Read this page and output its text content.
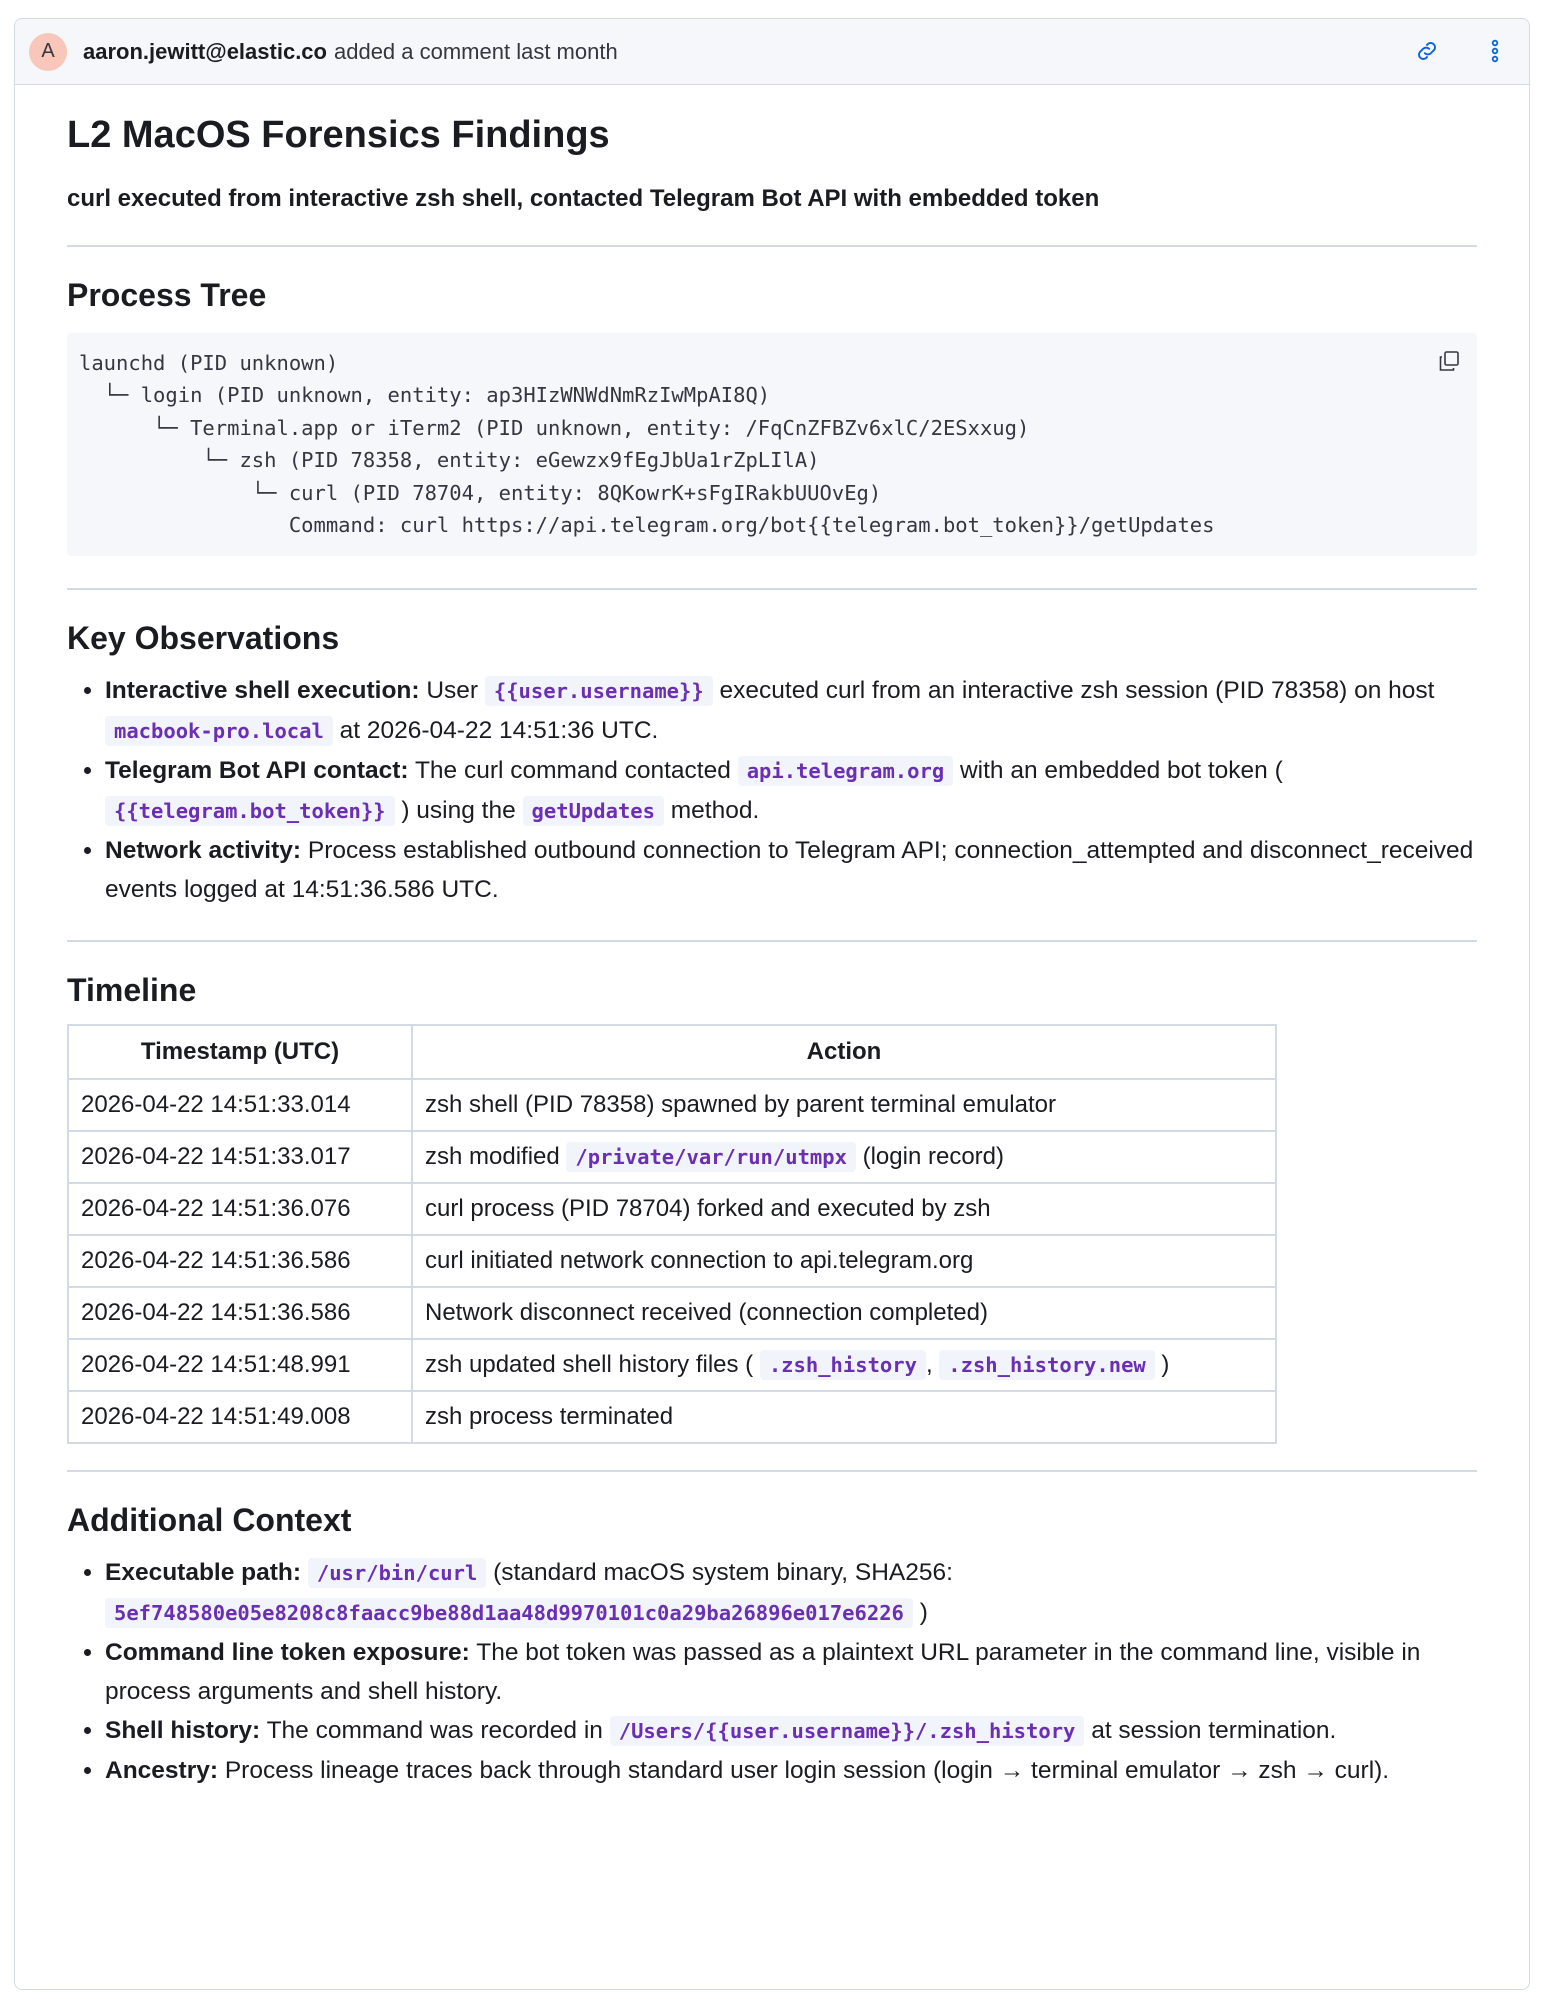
A	aaron.jewitt@elastic.co added a comment last month
L2 MacOS Forensics Findings
curl executed from interactive zsh shell, contacted Telegram Bot API with embedded token
Process Tree
launchd (PID unknown)
└─ login (PID unknown, entity: ap3HIzWNWdNmRzIwMpAI8Q)
└─ Terminal.app or iTerm2 (PID unknown, entity: /FqCnZFBZv6xlC/2ESxxug)
└─ zsh (PID 78358, entity: eGewzx9fEgJbUa1rZpLIlA)
└─ curl (PID 78704, entity: 8QKowrK+sFgIRakbUUOvEg)
Command: curl https://api.telegram.org/bot{{telegram.bot_token}}/getUpdates
Key Observations
• Interactive shell execution: User {{user.username}} executed curl from an interactive zsh session (PID 78358) on host macbook-pro.local at 2026-04-22 14:51:36 UTC.
• Telegram Bot API contact: The curl command contacted api.telegram.org with an embedded bot token ( {{telegram.bot_token}} ) using the getUpdates method.
• Network activity: Process established outbound connection to Telegram API; connection_attempted and disconnect_received events logged at 14:51:36.586 UTC.
Timeline
Timestamp (UTC)	Action
2026-04-22 14:51:33.014	zsh shell (PID 78358) spawned by parent terminal emulator
2026-04-22 14:51:33.017	zsh modified /private/var/run/utmpx (login record)
2026-04-22 14:51:36.076	curl process (PID 78704) forked and executed by zsh
2026-04-22 14:51:36.586	curl initiated network connection to api.telegram.org
2026-04-22 14:51:36.586	Network disconnect received (connection completed)
2026-04-22 14:51:48.991	zsh updated shell history files ( .zsh_history , .zsh_history.new )
2026-04-22 14:51:49.008	zsh process terminated
Additional Context
• Executable path: /usr/bin/curl (standard macOS system binary, SHA256: 5ef748580e05e8208c8faacc9be88d1aa48d9970101c0a29ba26896e017e6226 )
• Command line token exposure: The bot token was passed as a plaintext URL parameter in the command line, visible in process arguments and shell history.
• Shell history: The command was recorded in /Users/{{user.username}}/.zsh_history at session termination.
• Ancestry: Process lineage traces back through standard user login session (login → terminal emulator → zsh → curl).
